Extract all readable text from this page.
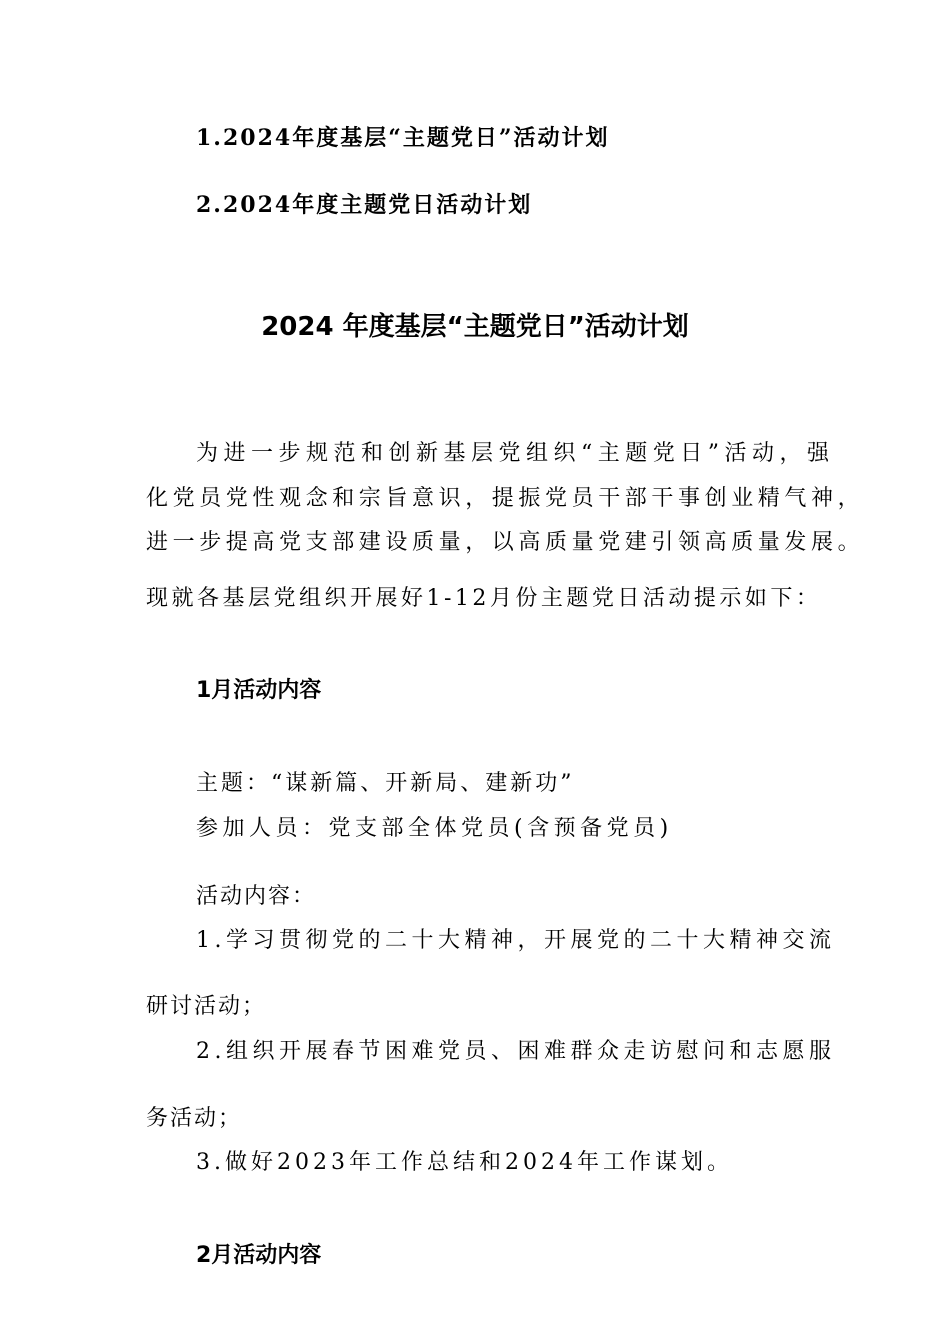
1.2024年度基层“主题党日”活动计划
2.2024年度主题党日活动计划
2024 年度基层“主题党日”活动计划
为进一步规范和创新基层党组织“主题党日”活动，强
化党员党性观念和宗旨意识，提振党员干部干事创业精气神，
进一步提高党支部建设质量，以高质量党建引领高质量发展。
现就各基层党组织开展好1-12月份主题党日活动提示如下：
1月活动内容
主题：“谋新篇、开新局、建新功”
参加人员：党支部全体党员(含预备党员)
活动内容：
1.学习贯彻党的二十大精神，开展党的二十大精神交流
研讨活动；
2.组织开展春节困难党员、困难群众走访慰问和志愿服
务活动；
3.做好2023年工作总结和2024年工作谋划。
2月活动内容
